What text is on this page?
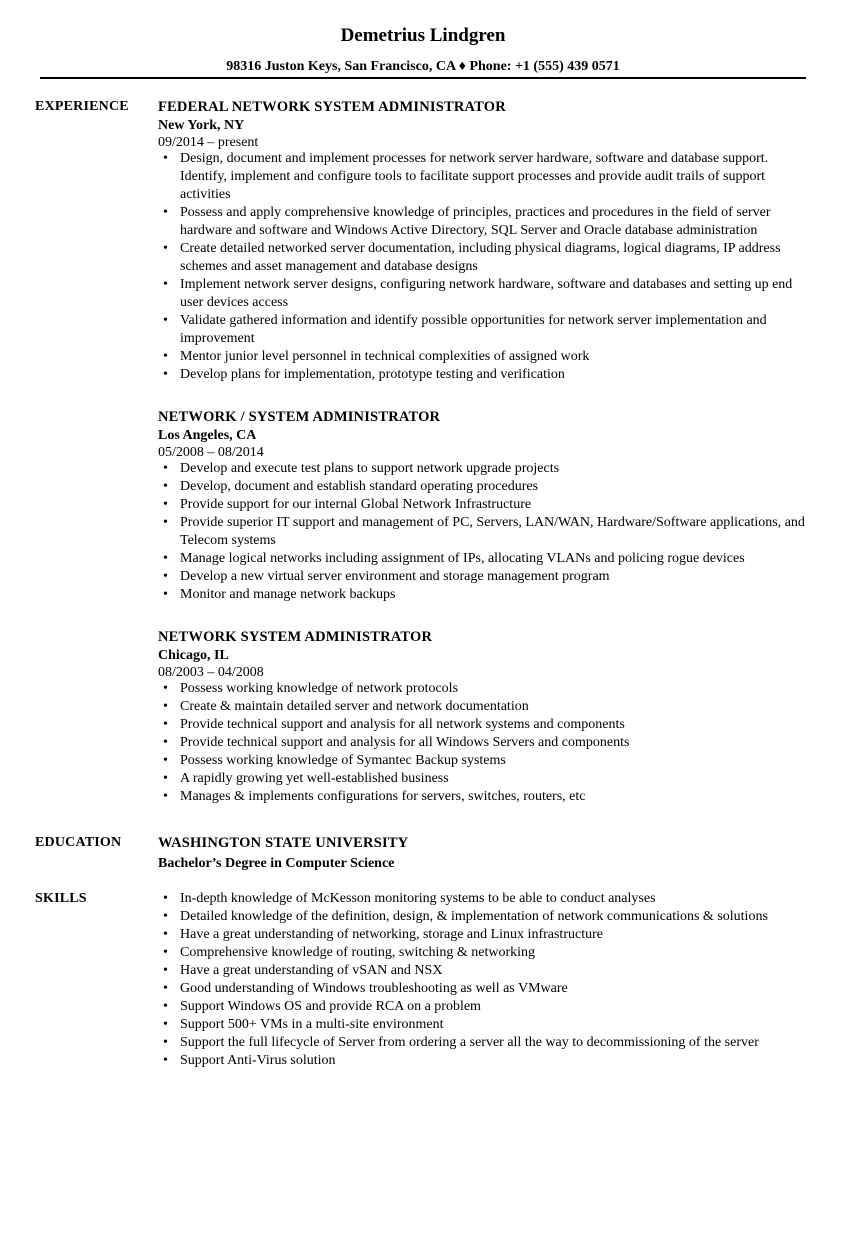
Demetrius Lindgren
98316 Juston Keys, San Francisco, CA ♦ Phone: +1 (555) 439 0571
EXPERIENCE FEDERAL NETWORK SYSTEM ADMINISTRATOR
New York, NY
09/2014 – present
• Design, document and implement processes for network server hardware, software and database support. Identify, implement and configure tools to facilitate support processes and provide audit trails of support activities
• Possess and apply comprehensive knowledge of principles, practices and procedures in the field of server hardware and software and Windows Active Directory, SQL Server and Oracle database administration
• Create detailed networked server documentation, including physical diagrams, logical diagrams, IP address schemes and asset management and database designs
• Implement network server designs, configuring network hardware, software and databases and setting up end user devices access
• Validate gathered information and identify possible opportunities for network server implementation and improvement
• Mentor junior level personnel in technical complexities of assigned work
• Develop plans for implementation, prototype testing and verification
NETWORK / SYSTEM ADMINISTRATOR
Los Angeles, CA
05/2008 – 08/2014
• Develop and execute test plans to support network upgrade projects
• Develop, document and establish standard operating procedures
• Provide support for our internal Global Network Infrastructure
• Provide superior IT support and management of PC, Servers, LAN/WAN, Hardware/Software applications, and Telecom systems
• Manage logical networks including assignment of IPs, allocating VLANs and policing rogue devices
• Develop a new virtual server environment and storage management program
• Monitor and manage network backups
NETWORK SYSTEM ADMINISTRATOR
Chicago, IL
08/2003 – 04/2008
• Possess working knowledge of network protocols
• Create & maintain detailed server and network documentation
• Provide technical support and analysis for all network systems and components
• Provide technical support and analysis for all Windows Servers and components
• Possess working knowledge of Symantec Backup systems
• A rapidly growing yet well-established business
• Manages & implements configurations for servers, switches, routers, etc
EDUCATION	WASHINGTON STATE UNIVERSITY
Bachelor’s Degree in Computer Science
SKILLS
•	In-depth knowledge of McKesson monitoring systems to be able to conduct analyses
• Detailed knowledge of the definition, design, & implementation of network communications & solutions
• Have a great understanding of networking, storage and Linux infrastructure
• Comprehensive knowledge of routing, switching & networking
• Have a great understanding of vSAN and NSX
• Good understanding of Windows troubleshooting as well as VMware
• Support Windows OS and provide RCA on a problem
• Support 500+ VMs in a multi-site environment
• Support the full lifecycle of Server from ordering a server all the way to decommissioning of the server
• Support Anti-Virus solution
